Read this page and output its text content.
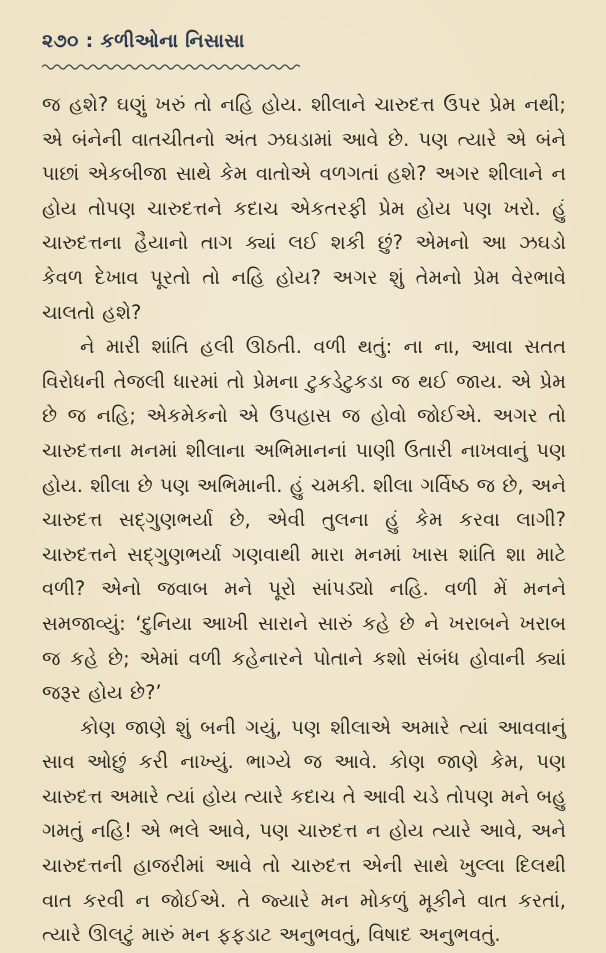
૨૭૦ : કળીઓના નિસાસા

જ હશે? ઘણું ખરું તો નહિ હોય. શીલાને ચારુદત્ત ઉપર પ્રેમ નથી; એ બંનેની વાતચીતનો અંત ઝઘડામાં આવે છે. પણ ત્યારે એ બંને પાછાં એકબીજા સાથે કેમ વાતોએ વળગતાં હશે? અગર શીલાને ન હોય તોપણ ચારુદત્તને કદાચ એકતરફી પ્રેમ હોય પણ ખરો. હું ચારુદત્તના હૈયાનો તાગ ક્યાં લઈ શકી છું? એમનો આ ઝઘડો કેવળ દેખાવ પૂરતો તો નહિ હોય? અગર શું તેમનો પ્રેમ વેરભાવે ચાલતો હશે?

ને મારી શાંતિ હલી ઊઠતી. વળી થતું: ના ના, આવા સતત વિરોધની તેજલી ધારમાં તો પ્રેમના ટુકડેટુકડા જ થઈ જાય. એ પ્રેમ છે જ નહિ; એકમેકનો એ ઉપહાસ જ હોવો જોઈએ. અગર તો ચારુદત્તના મનમાં શીલાના અભિમાનનાં પાણી ઉતારી નાખવાનું પણ હોય. શીલા છે પણ અભિમાની. હું ચમકી. શીલા ગર્વિષ્ઠ જ છે, અને ચારુદત્ત સદ્ગુણભર્યા છે, એવી તુલના હું કેમ કરવા લાગી? ચારુદત્તને સદ્ગુણભર્યા ગણવાથી મારા મનમાં ખાસ શાંતિ શા માટે વળી? એનો જવાબ મને પૂરો સાંપડ્યો નહિ. વળી મેં મનને સમજાવ્યું: ‘દુનિયા આખી સારાને સારું કહે છે ને ખરાબને ખરાબ જ કહે છે; એમાં વળી કહેનારને પોતાને કશો સંબંધ હોવાની ક્યાં જરૂર હોય છે?’

કોણ જાણે શું બની ગયું, પણ શીલાએ અમારે ત્યાં આવવાનું સાવ ઓછું કરી નાખ્યું. ભાગ્યે જ આવે. કોણ જાણે કેમ, પણ ચારુદત્ત અમારે ત્યાં હોય ત્યારે કદાચ તે આવી ચડે તોપણ મને બહુ ગમતું નહિ! એ ભલે આવે, પણ ચારુદત્ત ન હોય ત્યારે આવે, અને ચારુદત્તની હાજરીમાં આવે તો ચારુદત્ત એની સાથે ખુલ્લા દિલથી વાત કરવી ન જોઈએ. તે જ્યારે મન મોકળું મૂકીને વાત કરતાં, ત્યારે ઊલટું મારું મન ફફડાટ અનુભવતું, વિષાદ અનુભવતું.
